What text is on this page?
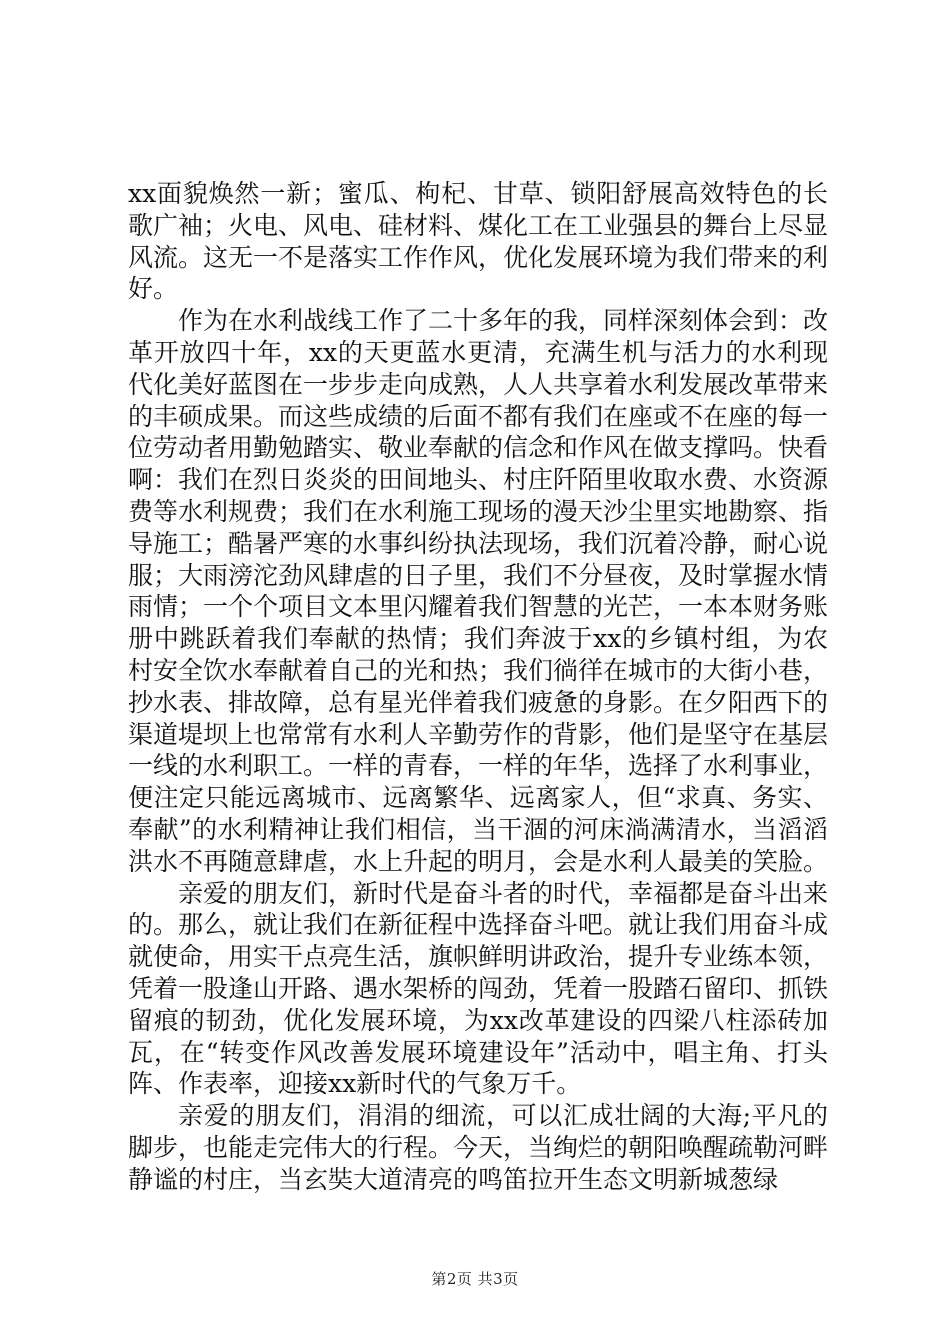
xx面貌焕然一新；蜜瓜、枸杞、甘草、锁阳舒展高效特色的长歌广袖；火电、风电、硅材料、煤化工在工业强县的舞台上尽显风流。这无一不是落实工作作风，优化发展环境为我们带来的利好。

作为在水利战线工作了二十多年的我，同样深刻体会到：改革开放四十年，xx的天更蓝水更清，充满生机与活力的水利现代化美好蓝图在一步步走向成熟，人人共享着水利发展改革带来的丰硕成果。而这些成绩的后面不都有我们在座或不在座的每一位劳动者用勤勉踏实、敬业奉献的信念和作风在做支撑吗。快看啊：我们在烈日炎炎的田间地头、村庄阡陌里收取水费、水资源费等水利规费；我们在水利施工现场的漫天沙尘里实地勘察、指导施工；酷暑严寒的水事纠纷执法现场，我们沉着冷静，耐心说服；大雨滂沱劲风肆虐的日子里，我们不分昼夜，及时掌握水情雨情；一个个项目文本里闪耀着我们智慧的光芒，一本本财务账册中跳跃着我们奉献的热情；我们奔波于xx的乡镇村组，为农村安全饮水奉献着自己的光和热；我们徜徉在城市的大街小巷，抄水表、排故障，总有星光伴着我们疲惫的身影。在夕阳西下的渠道堤坝上也常常有水利人辛勤劳作的背影，他们是坚守在基层一线的水利职工。一样的青春，一样的年华，选择了水利事业，便注定只能远离城市、远离繁华、远离家人，但“求真、务实、奉献”的水利精神让我们相信，当干涸的河床淌满清水，当滔滔洪水不再随意肆虐，水上升起的明月，会是水利人最美的笑脸。

亲爱的朋友们，新时代是奋斗者的时代，幸福都是奋斗出来的。那么，就让我们在新征程中选择奋斗吧。就让我们用奋斗成就使命，用实干点亮生活，旗帜鲜明讲政治，提升专业练本领，凭着一股逢山开路、遇水架桥的闯劲，凭着一股踏石留印、抓铁留痕的韧劲，优化发展环境，为xx改革建设的四梁八柱添砖加瓦，在“转变作风改善发展环境建设年”活动中，唱主角、打头阵、作表率，迎接xx新时代的气象万千。

亲爱的朋友们，涓涓的细流，可以汇成壮阔的大海;平凡的脚步，也能走完伟大的行程。今天，当绚烂的朝阳唤醒疏勒河畔静谧的村庄，当玄奘大道清亮的鸣笛拉开生态文明新城葱绿

第2页 共3页
